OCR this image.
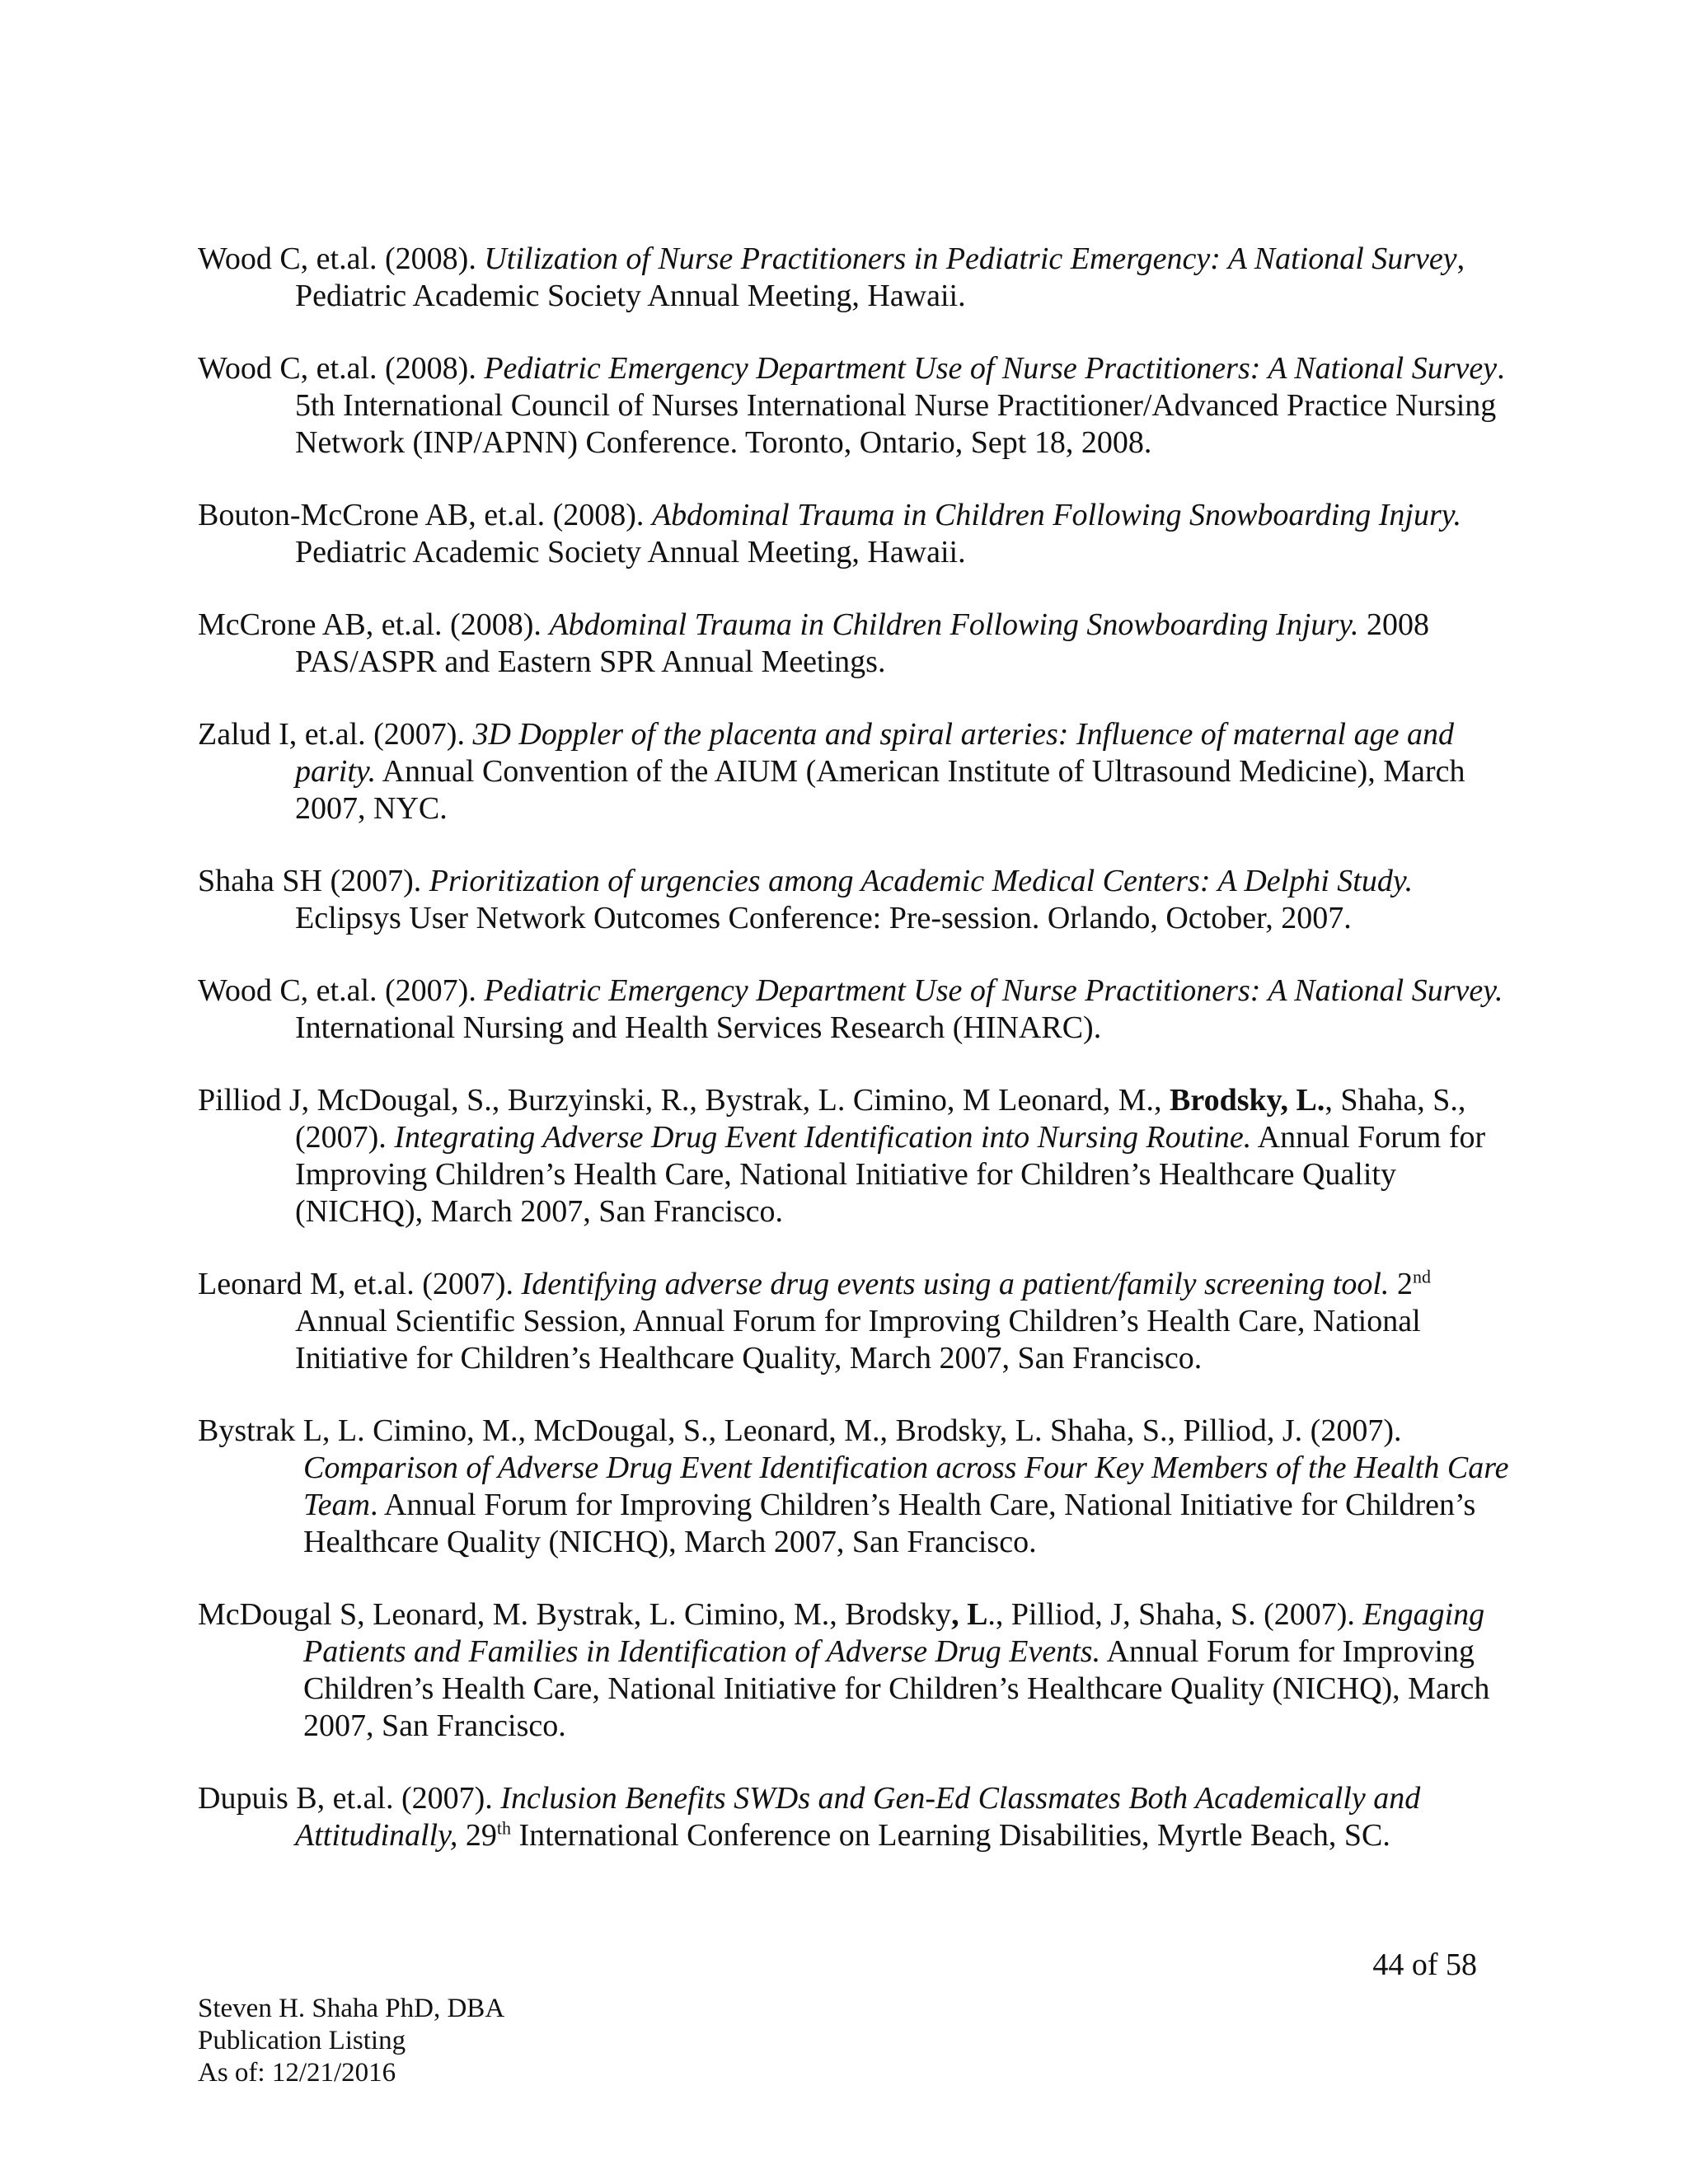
Wood C, et.al. (2008). Utilization of Nurse Practitioners in Pediatric Emergency: A National Survey, Pediatric Academic Society Annual Meeting, Hawaii.

Wood C, et.al. (2008). Pediatric Emergency Department Use of Nurse Practitioners: A National Survey. 5th International Council of Nurses International Nurse Practitioner/Advanced Practice Nursing Network (INP/APNN) Conference. Toronto, Ontario, Sept 18, 2008.

Bouton-McCrone AB, et.al. (2008). Abdominal Trauma in Children Following Snowboarding Injury. Pediatric Academic Society Annual Meeting, Hawaii.

McCrone AB, et.al. (2008). Abdominal Trauma in Children Following Snowboarding Injury. 2008 PAS/ASPR and Eastern SPR Annual Meetings.

Zalud I, et.al. (2007). 3D Doppler of the placenta and spiral arteries: Influence of maternal age and parity. Annual Convention of the AIUM (American Institute of Ultrasound Medicine), March 2007, NYC.

Shaha SH (2007). Prioritization of urgencies among Academic Medical Centers: A Delphi Study. Eclipsys User Network Outcomes Conference: Pre-session. Orlando, October, 2007.

Wood C, et.al. (2007). Pediatric Emergency Department Use of Nurse Practitioners: A National Survey. International Nursing and Health Services Research (HINARC).

Pilliod J, McDougal, S., Burzyinski, R., Bystrak, L. Cimino, M Leonard, M., Brodsky, L., Shaha, S., (2007). Integrating Adverse Drug Event Identification into Nursing Routine. Annual Forum for Improving Children’s Health Care, National Initiative for Children’s Healthcare Quality (NICHQ), March 2007, San Francisco.

Leonard M, et.al. (2007). Identifying adverse drug events using a patient/family screening tool. 2nd Annual Scientific Session, Annual Forum for Improving Children’s Health Care, National Initiative for Children’s Healthcare Quality, March 2007, San Francisco.

Bystrak L, L. Cimino, M., McDougal, S., Leonard, M., Brodsky, L. Shaha, S., Pilliod, J. (2007). Comparison of Adverse Drug Event Identification across Four Key Members of the Health Care Team. Annual Forum for Improving Children’s Health Care, National Initiative for Children’s Healthcare Quality (NICHQ), March 2007, San Francisco.

McDougal S, Leonard, M. Bystrak, L. Cimino, M., Brodsky, L., Pilliod, J, Shaha, S. (2007). Engaging Patients and Families in Identification of Adverse Drug Events. Annual Forum for Improving Children’s Health Care, National Initiative for Children’s Healthcare Quality (NICHQ), March 2007, San Francisco.

Dupuis B, et.al. (2007). Inclusion Benefits SWDs and Gen-Ed Classmates Both Academically and Attitudinally, 29th International Conference on Learning Disabilities, Myrtle Beach, SC.

44 of 58
Steven H. Shaha PhD, DBA
Publication Listing
As of: 12/21/2016
